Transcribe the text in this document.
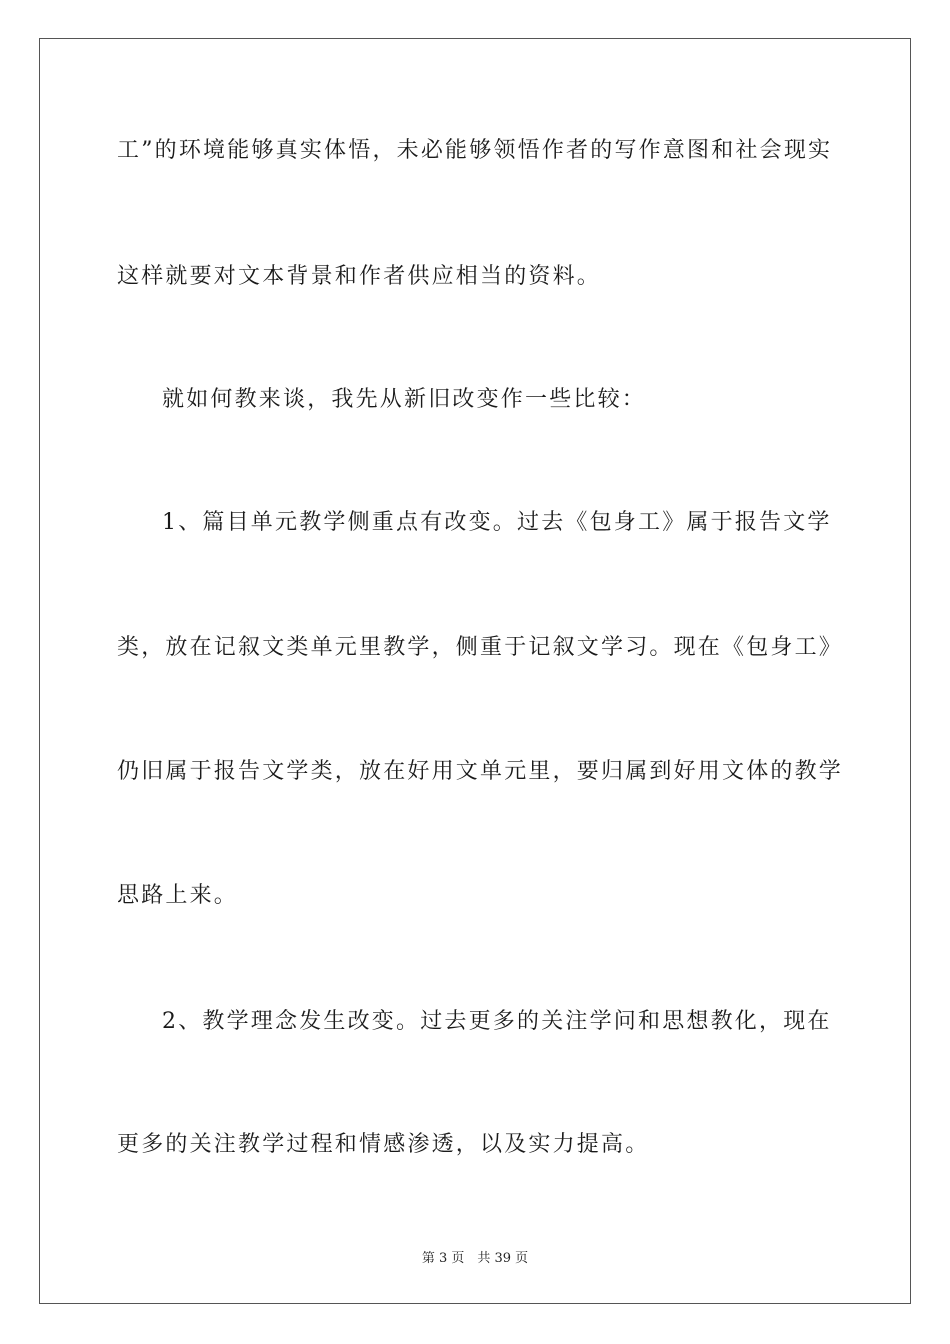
工”的环境能够真实体悟，未必能够领悟作者的写作意图和社会现实
这样就要对文本背景和作者供应相当的资料。
就如何教来谈，我先从新旧改变作一些比较：
1、篇目单元教学侧重点有改变。过去《包身工》属于报告文学
类，放在记叙文类单元里教学，侧重于记叙文学习。现在《包身工》
仍旧属于报告文学类，放在好用文单元里，要归属到好用文体的教学
思路上来。
2、教学理念发生改变。过去更多的关注学问和思想教化，现在
更多的关注教学过程和情感渗透，以及实力提高。
第 3 页　共 39 页
